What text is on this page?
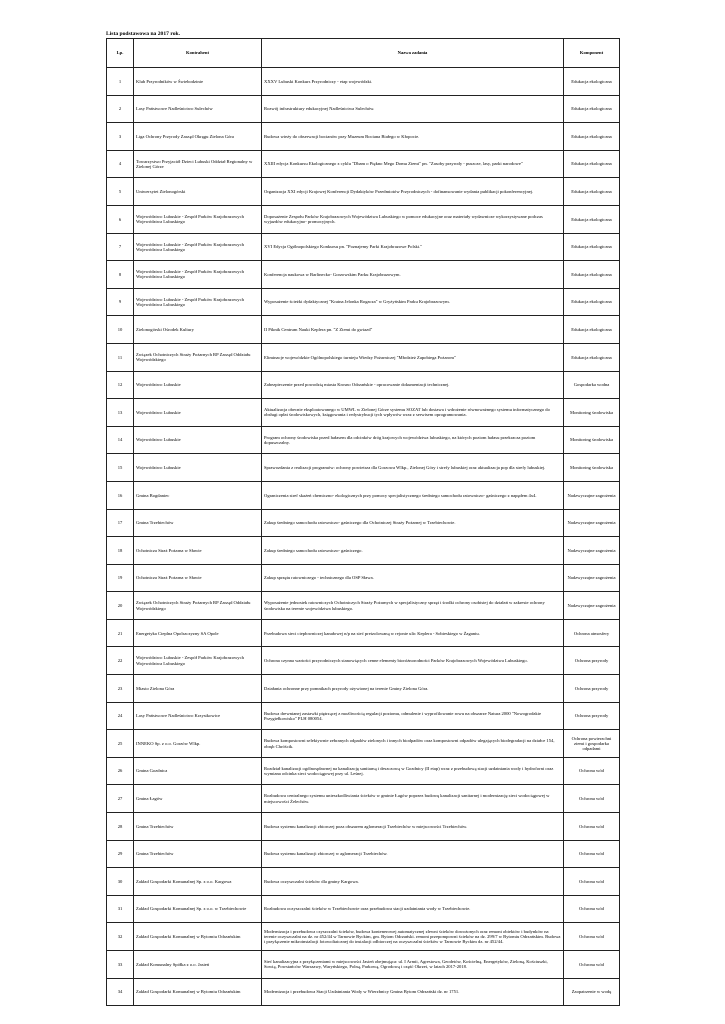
Lista podstawowa na 2017 rok.
Lp.	Kontrahent	Nazwa zadania	Komponent
1	Klub Przyrodników w Świebodzinie	XXXV Lubuski Konkurs Przyrodniczy - etap wojewódzki.	Edukacja ekologiczna
2	Lasy Państwowe Nadleśnictwo Sulechów	Rozwój infrastruktury edukacyjnej Nadleśnictwa Sulechów.	Edukacja ekologiczna
3	Liga Ochrony Przyrody Zarząd Okręgu Zielona Góra	Budowa wieży do obserwacji bocianów przy Muzeum Bociana Białego w Kłopocie.	Edukacja ekologiczna
4	Towarzystwo Przyjaciół Dzieci Lubuski Oddział Regionalny w Zielonej Górze	XXIII edycja Konkursu Ekologicznego z cyklu "Dbam o Piękno Mego Domu Ziemi" pn. "Zasoby przyrody - puszcze, lasy, parki narodowe"	Edukacja ekologiczna
5	Uniwersytet Zielonogórski	Organizacja XXI edycji Krajowej Konferencji Dydaktyków Przedmiotów Przyrodniczych - dofinansowanie wydania publikacji pokonferencyjnej.	Edukacja ekologiczna
6	Województwo Lubuskie - Zespół Parków Krajobrazowych Województwa Lubuskiego	Doposażenie Zespołu Parków Krajobrazowych Województwa Lubuskiego w pomoce edukacyjne oraz materiały wydawnicze wykorzystywane podczas wyjazdów edukacyjno- promocyjnych.	Edukacja ekologiczna
7	Województwo Lubuskie - Zespół Parków Krajobrazowych Województwa Lubuskiego	XVI Edycja Ogólnopolskiego Konkursu pn. "Poznajemy Parki Krajobrazowe Polski."	Edukacja ekologiczna
8	Województwo Lubuskie - Zespół Parków Krajobrazowych Województwa Lubuskiego	Konferencja naukowa w Barlinecko- Gorzowskim Parku Krajobrazowym.	Edukacja ekologiczna
9	Województwo Lubuskie - Zespół Parków Krajobrazowych Województwa Lubuskiego	Wyposażenie ścieżki dydaktycznej "Kraina Jelonka Rogacza" w Gryżyńskim Parku Krajobrazowym.	Edukacja ekologiczna
10	Zielonogórski Ośrodek Kultury	II Piknik Centrum Nauki Keplera pn. "Z Ziemi do gwiazd"	Edukacja ekologiczna
11	Związek Ochotniczych Straży Pożarnych RP Zarząd Oddziału Wojewódzkiego	Eliminacje wojewódzkie Ogólnopolskiego turnieju Wiedzy Pożarniczej "Młodzież Zapobiega Pożarom"	Edukacja ekologiczna
12	Województwo Lubuskie	Zabezpieczenie przed powodzią miasta Krosno Odrzańskie - opracowanie dokumentacji technicznej.	Gospodarka wodna
13	Województwo Lubuskie	Aktualizacja obecnie eksploatowanego w UMWL w Zielonej Górze systemu SOZAT lub dostawa i wdrożenie równoważnego systemu informatycznego do obsługi opłat środowiskowych, księgowania i redystrybucji tych wpływów wraz z serwisem oprogramowania.	Monitoring środowiska
14	Województwo Lubuskie	Program ochrony środowiska przed hałasem dla odcinków dróg krajowych województwa lubuskiego, na których poziom hałasu przekracza poziom dopuszczalny.	Monitoring środowiska
15	Województwo Lubuskie	Sprawozdania z realizacji programów: ochrony powietrza dla Gorzowa Wlkp., Zielonej Góry i strefy lubuskiej oraz aktualizacja pop dla strefy lubuskiej.	Monitoring środowiska
16	Gmina Bogdaniec	Ograniczenia stref skażeń chemiczno- ekologicznych przy pomocy specjalistycznego średniego samochodu ratowniczo- gaśniczego z napędem 4x4.	Nadzwyczajne zagrożenia
17	Gmina Trzebiechów	Zakup średniego samochodu ratowniczo- gaśniczego dla Ochotniczej Straży Pożarnej w Trzebiechowie.	Nadzwyczajne zagrożenia
18	Ochotnicza Straż Pożarna w Sławie	Zakup średniego samochodu ratowniczo- gaśniczego.	Nadzwyczajne zagrożenia
19	Ochotnicza Straż Pożarna w Sławie	Zakup sprzętu ratowniczego - technicznego dla OSP Sława.	Nadzwyczajne zagrożenia
20	Związek Ochotniczych Straży Pożarnych RP Zarząd Oddziału Wojewódzkiego	Wyposażenie jednostek ratowniczych Ochotniczych Straży Pożarnych w specjalistyczny sprzęt i środki ochrony osobistej do działań w zakresie ochrony środowiska na terenie województwa lubuskiego.	Nadzwyczajne zagrożenia
21	Energetyka Cieplna Opolszczyzny SA Opole	Przebudowa sieci ciepłowniczej kanałowej n/p na sieć preizolowaną w rejonie ulic Keplera - Sobieskiego w Żaganiu.	Ochrona atmosfery
22	Województwo Lubuskie - Zespół Parków Krajobrazowych Województwa Lubuskiego	Ochrona czynna wartości przyrodniczych stanowiących cenne elementy bioróżnorodności Parków Krajobrazowych Województwa Lubuskiego.	Ochrona przyrody
23	Miasto Zielona Góra	Działania ochronne przy pomnikach przyrody ożywionej na terenie Gminy Zielona Góra.	Ochrona przyrody
24	Lasy Państwowe Nadleśnictwo Krzystkowice	Budowa drewnianej zastawki piętrzącej z możliwością regulacji poziomu, odmulenie i wyprofilowanie rowu na obszarze Natura 2000 "Nowogrodzkie Przygiełkowisko" PLH 080054.	Ochrona przyrody
25	INNEKO Sp. z o.o. Gorzów Wlkp.	Budowa kompostowni selektywnie zebranych odpadów zielonych i innych biodpadów oraz kompostowni odpadów ulegających biodegradacji na działce 154, obręb Chróścik.	Ochrona powierzchni ziemi i gospodarka odpadami
26	Gmina Gozdnica	Rozdział kanalizacji ogólnospławnej na kanalizację sanitarną i deszczową w Gozdnicy (II etap) wraz z przebudową stacji uzdatniania wody i hydroforni oraz wymiana odcinka sieci wodociągowej przy ul. Leśnej.	Ochrona wód
27	Gmina Łagów	Rozbudowa centralnego systemu unieszkodliwiania ścieków w gminie Łagów poprzez budowę kanalizacji sanitarnej i modernizację sieci wodociągowej w miejscowości Żelechów.	Ochrona wód
28	Gmina Trzebiechów	Budowa systemu kanalizacji zbiorczej poza obszarem aglomeracji Trzebiechów w miejscowości Trzebiechów.	Ochrona wód
29	Gmina Trzebiechów	Budowa systemu kanalizacji zbiorczej w aglomeracji Trzebiechów.	Ochrona wód
30	Zakład Gospodarki Komunalnej Sp. z o.o. Kargowa	Budowa oczyszczalni ścieków dla gminy Kargowa.	Ochrona wód
31	Zakład Gospodarki Komunalnej Sp. z o.o. w Trzebiechowie	Rozbudowa oczyszczalni ścieków w Trzebiechowie oraz przebudowa stacji uzdatniania wody w Trzebiechowie.	Ochrona wód
32	Zakład Gospodarki Komunalnej w Bytomiu Odrzańskim	Modernizacja i przebudowa czyszczalni ścieków, budowa kontenerowej automatycznej zlewni ścieków dowożonych oraz remont obiektów i budynków na terenie oczyszczalni na dz. nr 452/44 w Tarnowie Byckim, gm. Bytom Odrzański. remont przepompowni ścieków na dz. 299/7 w Bytomiu Odrzańskim. Budowa i przyłączenie mikroinstalacji fotowoltaicznej do instalacji odbiorczej na oczyszczalni ścieków w Tarnowie Byckim dz. nr 452/44.	Ochrona wód
33	Zakład Komunalny Spółka z o.o. Jasień	Sieć kanalizacyjna z przyłączeniami w miejscowości Jasień obejmująca: ul. I Armii, Agrestowa, Geodetów, Kościelną, Energetyków, Zieloną, Kościuszki, Sowią, Powstańców Warszawy, Waryńskiego, Polną, Parkową, Ogrodową i część Okrzei, w latach 2017-2018.	Ochrona wód
34	Zakład Gospodarki Komunalnej w Bytomiu Odrzańskim	Modernizacja i przebudowa Stacji Uzdatniania Wody w Wierzbnicy Gmina Bytom Odrzański dz. nr 1751.	Zaopatrzenie w wodę
